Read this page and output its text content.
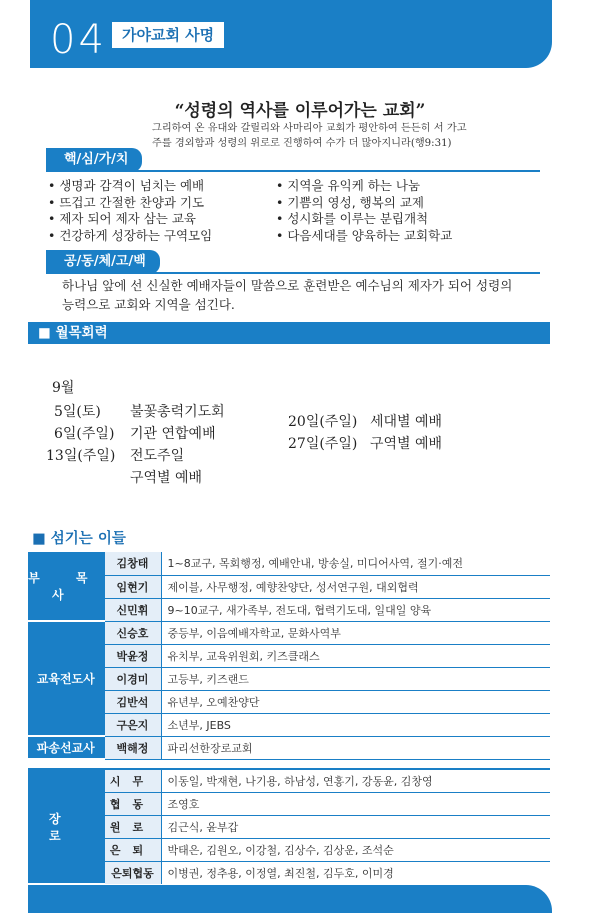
04	가야교회 사명
“성령의 역사를 이루어가는 교회”
그리하여 온 유대와 갈릴리와 사마리아 교회가 평안하여 든든히 서 가고
주를 경외함과 성령의 위로로 진행하여 수가 더 많아지니라(행9:31)
핵/심/가/치
• 생명과 감격이 넘치는 예배
• 뜨겁고 간절한 찬양과 기도
• 제자 되어 제자 삼는 교육
• 건강하게 성장하는 구역모임
• 지역을 유익케 하는 나눔
• 기쁨의 영성, 행복의 교제
• 성시화를 이루는 분립개척
• 다음세대를 양육하는 교회학교
공/동/체/고/백
하나님 앞에 선 신실한 예배자들이 말씀으로 훈련받은 예수님의 제자가 되어 성령의
능력으로 교회와 지역을 섬긴다.
■ 월목회력
9월
5일(토) 불꽃총력기도회
6일(주일) 기관 연합예배
13일(주일) 전도주일
구역별 예배
20일(주일) 세대별 예배
27일(주일) 구역별 예배
■ 섬기는 이들
부 목 사	김창태	1~8교구, 목회행정, 예배안내, 방송실, 미디어사역, 절기·예전
	임현기	제이블, 사무행정, 예향찬양단, 성서연구원, 대외협력
	신민휘	9~10교구, 새가족부, 전도대, 협력기도대, 일대일 양육
교육전도사	신승호	중등부, 이음예배자학교, 문화사역부
	박윤정	유치부, 교육위원회, 키즈클래스
	이경미	고등부, 키즈랜드
	김반석	유년부, 오예찬양단
	구은지	소년부, JEBS
파송선교사	백해정	파리선한장로교회

장 로	시무	이동일, 박재현, 나기용, 하남성, 연홍기, 강동윤, 김창영
	협동	조영호
	원로	김근식, 윤부갑
	은퇴	박태은, 김원오, 이강철, 김상수, 김상운, 조석순
	은퇴협동	이병권, 정추용, 이정열, 최진철, 김두호, 이미경
